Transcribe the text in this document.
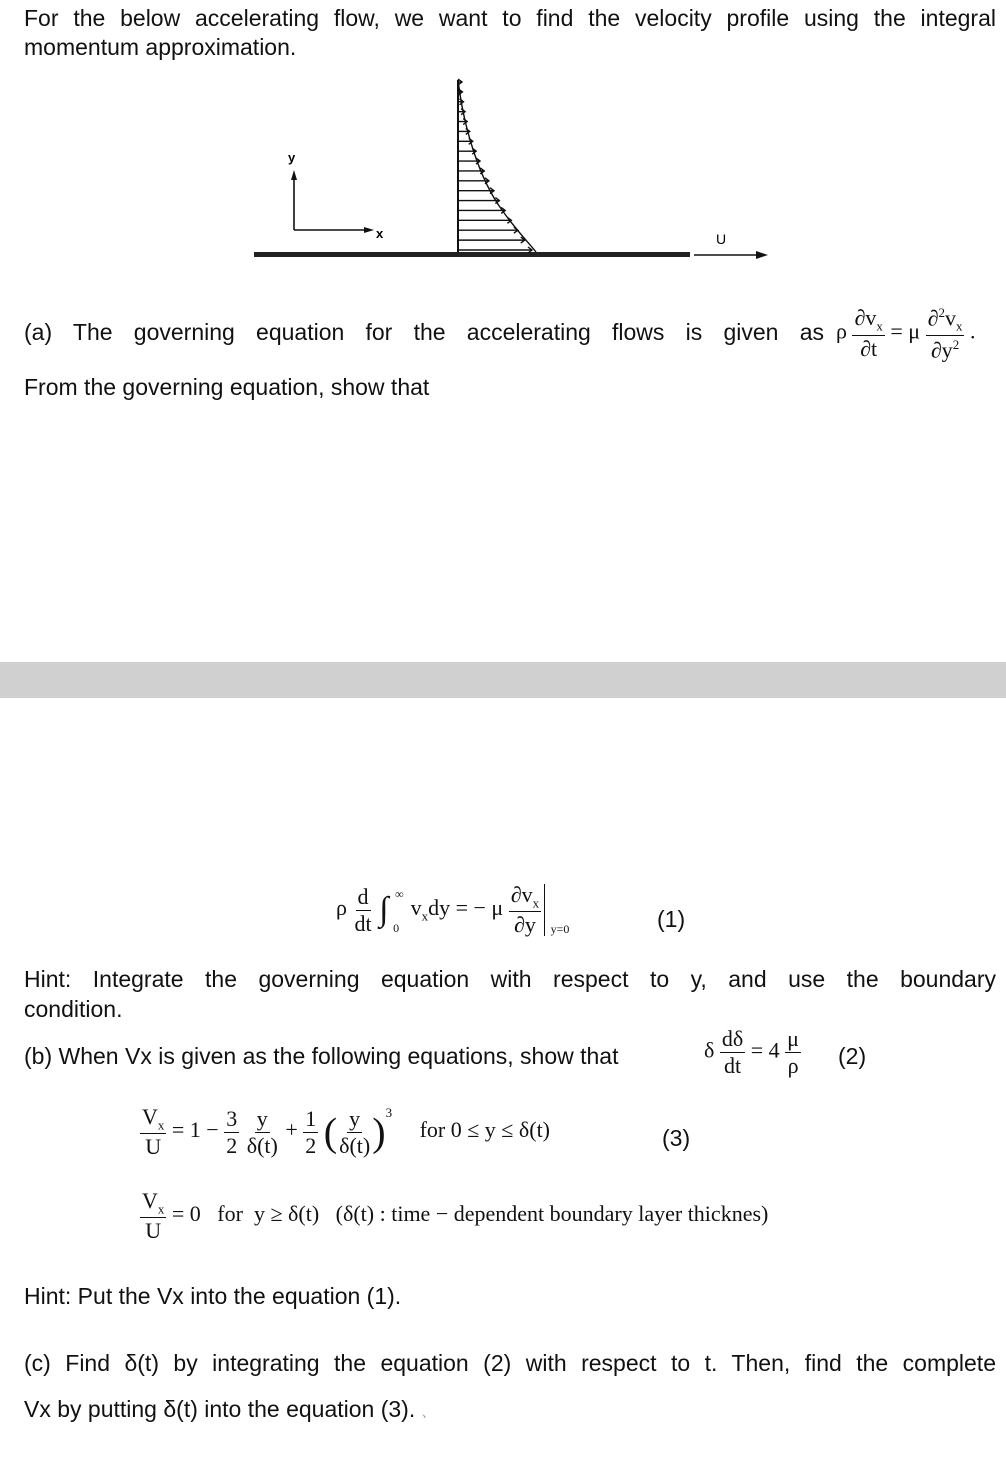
For the below accelerating flow, we want to find the velocity profile using the integral
momentum approximation.
y
x	U
(a) The governing equation for the accelerating flows is given as ρ $\frac{\partial v_x}{\partial t} = \mu \frac{\partial^2v_x}{\partial y^2}$ .
From the governing equation, show that
ρ $\frac{d}{dt}$ ∫ ∞
0
$v_xdy$ = − μ $\frac{\partial v_x}{\partial y} _{y=0}$	(1)
Hint: Integrate the governing equation with respect to y, and use the boundary
condition.
(b) When Vx is given as the following equations, show that	δ $\frac{d\delta}{dt} = 4 \frac{\mu}{\rho} (2)$
$\frac{V_x}{U} = 1 - \frac{3}{2}$
$\frac{y}{\delta(t)} + \frac{1}{2}$ ( $\frac{y}{\delta(t)} )^3$ for 0 ≤ y ≤ δ(t)	(3)
$\frac{V_x}{U} = 0$   for  y ≥ δ(t)   (δ(t) : time − dependent boundary layer thicknes)
Hint: Put the Vx into the equation (1).
(c) Find δ(t) by integrating the equation (2) with respect to t. Then, find the complete
Vx by putting δ(t) into the equation (3). 、
